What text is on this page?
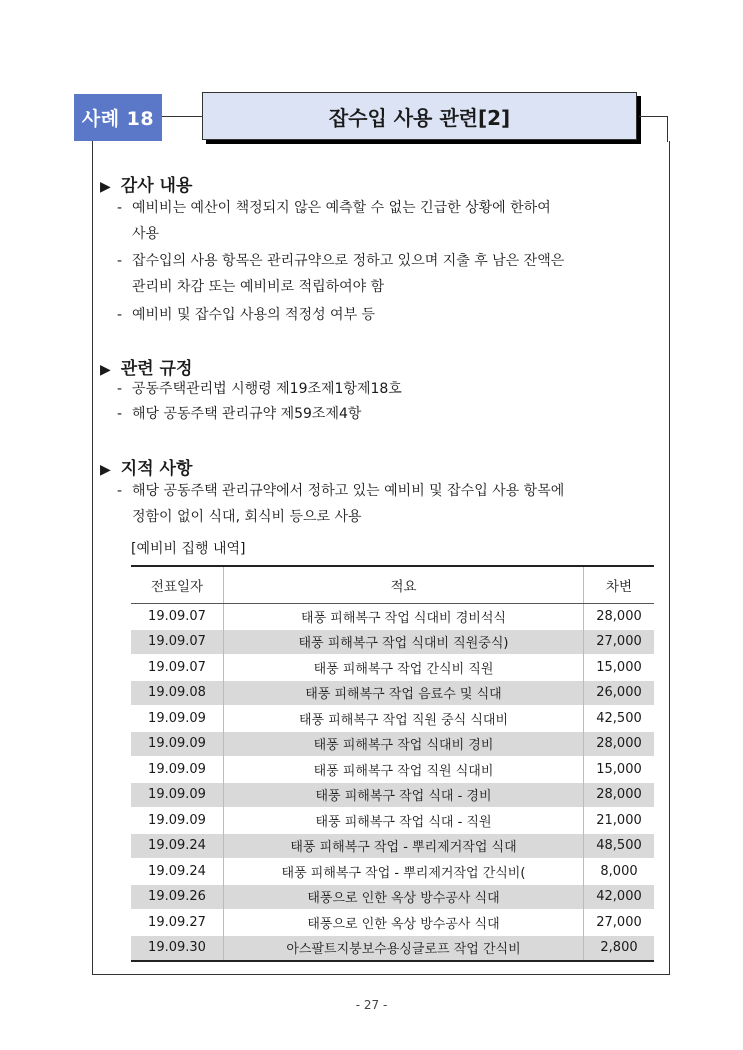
사례 18	잡수입 사용 관련[2]
▶ 감사 내용
- 예비비는 예산이 책정되지 않은 예측할 수 없는 긴급한 상황에 한하여
사용
- 잡수입의 사용 항목은 관리규약으로 정하고 있으며 지출 후 남은 잔액은
관리비 차감 또는 예비비로 적립하여야 함
- 예비비 및 잡수입 사용의 적정성 여부 등
▶ 관련 규정
- 공동주택관리법 시행령 제19조제1항제18호
- 해당 공동주택 관리규약 제59조제4항
▶ 지적 사항
- 해당 공동주택 관리규약에서 정하고 있는 예비비 및 잡수입 사용 항목에
정함이 없이 식대, 회식비 등으로 사용
[예비비 집행 내역]
전표일자	적요	차변
19.09.07	태풍 피해복구 작업 식대비 경비석식	28,000
19.09.07	태풍 피해복구 작업 식대비 직원중식)	27,000
19.09.07	태풍 피해복구 작업 간식비 직원	15,000
19.09.08	태풍 피해복구 작업 음료수 및 식대	26,000
19.09.09	태풍 피해복구 작업 직원 중식 식대비	42,500
19.09.09	태풍 피해복구 작업 식대비 경비	28,000
19.09.09	태풍 피해복구 작업 직원 식대비	15,000
19.09.09	태풍 피해복구 작업 식대 - 경비	28,000
19.09.09	태풍 피해복구 작업 식대 - 직원	21,000
19.09.24	태풍 피해복구 작업 - 뿌리제거작업 식대	48,500
19.09.24	태풍 피해복구 작업 - 뿌리제거작업 간식비(	8,000
19.09.26	태풍으로 인한 옥상 방수공사 식대	42,000
19.09.27	태풍으로 인한 옥상 방수공사 식대	27,000
19.09.30	아스팔트지붕보수용싱글로프 작업 간식비	2,800
- 27 -
